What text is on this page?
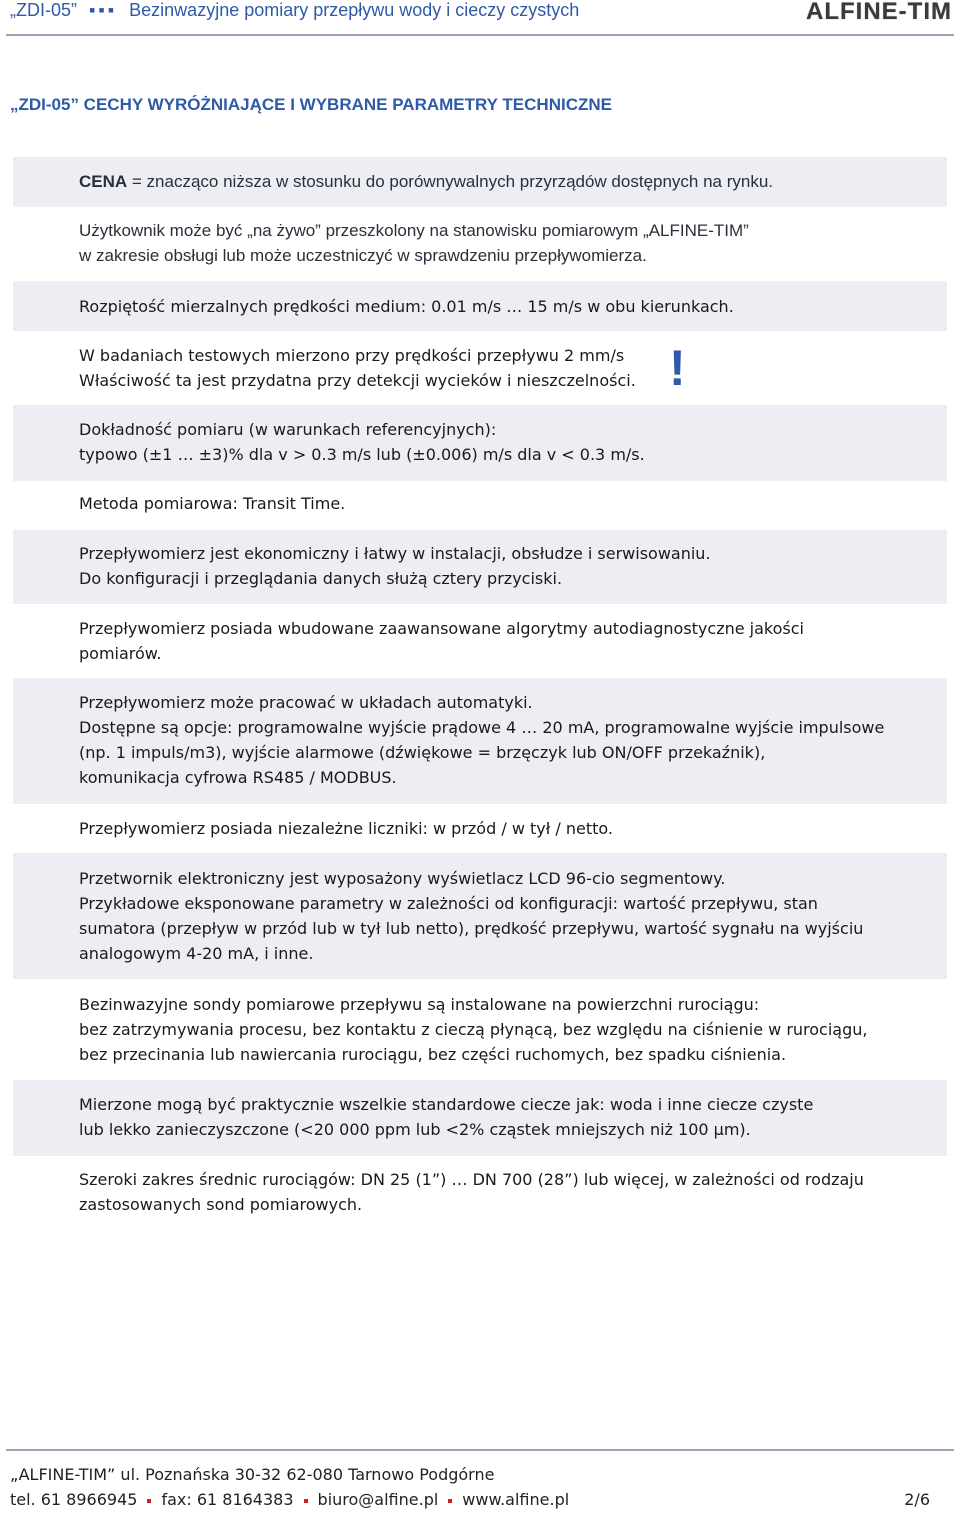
„ZDI-05” ▪▪▪ Bezinwazyjne pomiary przepływu wody i cieczy czystych	ALFINE-TIM
„ZDI-05” CECHY WYRÓŻNIAJĄCE I WYBRANE PARAMETRY TECHNICZNE

CENA = znacząco niższa w stosunku do porównywalnych przyrządów dostępnych na rynku.

Użytkownik może być „na żywo” przeszkolony na stanowisku pomiarowym „ALFINE-TIM”

w zakresie obsługi lub może uczestniczyć w sprawdzeniu przepływomierza.

Rozpiętość mierzalnych prędkości medium: 0.01 m/s … 15 m/s w obu kierunkach.

W badaniach testowych mierzono przy prędkości przepływu 2 mm/s

Właściwość ta jest przydatna przy detekcji wycieków i nieszczelności. !

Dokładność pomiaru (w warunkach referencyjnych):

typowo (±1 … ±3)% dla v > 0.3 m/s lub (±0.006) m/s dla v < 0.3 m/s.

Metoda pomiarowa: Transit Time.

Przepływomierz jest ekonomiczny i łatwy w instalacji, obsłudze i serwisowaniu.

Do konfiguracji i przeglądania danych służą cztery przyciski.

Przepływomierz posiada wbudowane zaawansowane algorytmy autodiagnostyczne jakości

pomiarów.

Przepływomierz może pracować w układach automatyki.

Dostępne są opcje: programowalne wyjście prądowe 4 … 20 mA, programowalne wyjście impulsowe

(np. 1 impuls/m3), wyjście alarmowe (dźwiękowe = brzęczyk lub ON/OFF przekaźnik),

komunikacja cyfrowa RS485 / MODBUS.

Przepływomierz posiada niezależne liczniki: w przód / w tył / netto.

Przetwornik elektroniczny jest wyposażony wyświetlacz LCD 96-cio segmentowy.

Przykładowe eksponowane parametry w zależności od konfiguracji: wartość przepływu, stan

sumatora (przepływ w przód lub w tył lub netto), prędkość przepływu, wartość sygnału na wyjściu

analogowym 4-20 mA, i inne.

Bezinwazyjne sondy pomiarowe przepływu są instalowane na powierzchni rurociągu:

bez zatrzymywania procesu, bez kontaktu z cieczą płynącą, bez względu na ciśnienie w rurociągu,

bez przecinania lub nawiercania rurociągu, bez części ruchomych, bez spadku ciśnienia.

Mierzone mogą być praktycznie wszelkie standardowe ciecze jak: woda i inne ciecze czyste

lub lekko zanieczyszczone (<20 000 ppm lub <2% cząstek mniejszych niż 100 μm).

Szeroki zakres średnic rurociągów: DN 25 (1”) … DN 700 (28”) lub więcej, w zależności od rodzaju

zastosowanych sond pomiarowych.

„ALFINE-TIM” ul. Poznańska 30-32 62-080 Tarnowo Podgórne
tel. 61 8966945 fax: 61 8164383 biuro@alfine.pl www.alfine.pl	2/6
